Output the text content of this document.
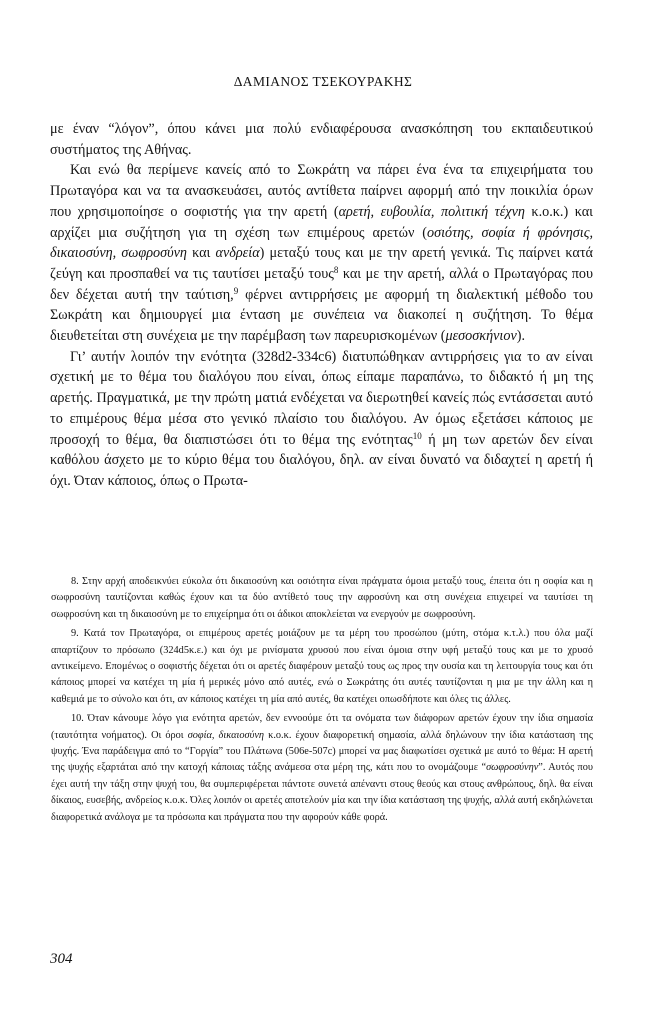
ΔΑΜΙΑΝΟΣ ΤΣΕΚΟΥΡΑΚΗΣ

με έναν “λόγον”, όπου κάνει μια πολύ ενδιαφέρουσα ανασκόπηση του εκπαιδευτικού συστήματος της Αθήνας.

Και ενώ θα περίμενε κανείς από το Σωκράτη να πάρει ένα ένα τα επιχειρήματα του Πρωταγόρα και να τα ανασκευάσει, αυτός αντίθετα παίρνει αφορμή από την ποικιλία όρων που χρησιμοποίησε ο σοφιστής για την αρετή (αρετή, ευβουλία, πολιτική τέχνη κ.ο.κ.) και αρχίζει μια συζήτηση για τη σχέση των επιμέρους αρετών (οσιότης, σοφία ή φρόνησις, δικαιοσύνη, σωφροσύνη και ανδρεία) μεταξύ τους και με την αρετή γενικά. Τις παίρνει κατά ζεύγη και προσπαθεί να τις ταυτίσει μεταξύ τους$^8$ και με την αρετή, αλλά ο Πρωταγόρας που δεν δέχεται αυτή την ταύτιση,$^9$ φέρνει αντιρρήσεις με αφορμή τη διαλεκτική μέθοδο του Σωκράτη και δημιουργεί μια ένταση με συνέπεια να διακοπεί η συζήτηση. Το θέμα διευθετείται στη συνέχεια με την παρέμβαση των παρευρισκομένων (μεσοσκήνιον).

Γι’ αυτήν λοιπόν την ενότητα (328d2-334c6) διατυπώθηκαν αντιρρήσεις για το αν είναι σχετική με το θέμα του διαλόγου που είναι, όπως είπαμε παραπάνω, το διδακτό ή μη της αρετής. Πραγματικά, με την πρώτη ματιά ενδέχεται να διερωτηθεί κανείς πώς εντάσσεται αυτό το επιμέρους θέμα μέσα στο γενικό πλαίσιο του διαλόγου. Αν όμως εξετάσει κάποιος με προσοχή το θέμα, θα διαπιστώσει ότι το θέμα της ενότητας$^{10}$ ή μη των αρετών δεν είναι καθόλου άσχετο με το κύριο θέμα του διαλόγου, δηλ. αν είναι δυνατό να διδαχτεί η αρετή ή όχι. Όταν κάποιος, όπως ο Πρωτα-

8. Στην αρχή αποδεικνύει εύκολα ότι δικαιοσύνη και οσιότητα είναι πράγματα όμοια μεταξύ τους, έπειτα ότι η σοφία και η σωφροσύνη ταυτίζονται καθώς έχουν και τα δύο αντίθετό τους την αφροσύνη και στη συνέχεια επιχειρεί να ταυτίσει τη σωφροσύνη και τη δικαιοσύνη με το επιχείρημα ότι οι άδικοι αποκλείεται να ενεργούν με σωφροσύνη.

9. Κατά τον Πρωταγόρα, οι επιμέρους αρετές μοιάζουν με τα μέρη του προσώπου (μύτη, στόμα κ.τ.λ.) που όλα μαζί απαρτίζουν το πρόσωπο (324d5κ.ε.) και όχι με ρινίσματα χρυσού που είναι όμοια στην υφή μεταξύ τους και με το χρυσό αντικείμενο. Επομένως ο σοφιστής δέχεται ότι οι αρετές διαφέρουν μεταξύ τους ως προς την ουσία και τη λειτουργία τους και ότι κάποιος μπορεί να κατέχει τη μία ή μερικές μόνο από αυτές, ενώ ο Σωκράτης ότι αυτές ταυτίζονται η μια με την άλλη και η καθεμιά με το σύνολο και ότι, αν κάποιος κατέχει τη μία από αυτές, θα κατέχει οπωσδήποτε και όλες τις άλλες.

10. Όταν κάνουμε λόγο για ενότητα αρετών, δεν εννοούμε ότι τα ονόματα των διάφορων αρετών έχουν την ίδια σημασία (ταυτότητα νοήματος). Οι όροι σοφία, δικαιοσύνη κ.ο.κ. έχουν διαφορετική σημασία, αλλά δηλώνουν την ίδια κατάσταση της ψυχής. Ένα παράδειγμα από το “Γοργία” του Πλάτωνα (506e-507c) μπορεί να μας διαφωτίσει σχετικά με αυτό το θέμα: Η αρετή της ψυχής εξαρτάται από την κατοχή κάποιας τάξης ανάμεσα στα μέρη της, κάτι που το ονομάζουμε “σωφροσύνην”. Αυτός που έχει αυτή την τάξη στην ψυχή του, θα συμπεριφέρεται πάντοτε συνετά απέναντι στους θεούς και στους ανθρώπους, δηλ. θα είναι δίκαιος, ευσεβής, ανδρείος κ.ο.κ. Όλες λοιπόν οι αρετές αποτελούν μία και την ίδια κατάσταση της ψυχής, αλλά αυτή εκδηλώνεται διαφορετικά ανάλογα με τα πρόσωπα και πράγματα που την αφορούν κάθε φορά.

304
